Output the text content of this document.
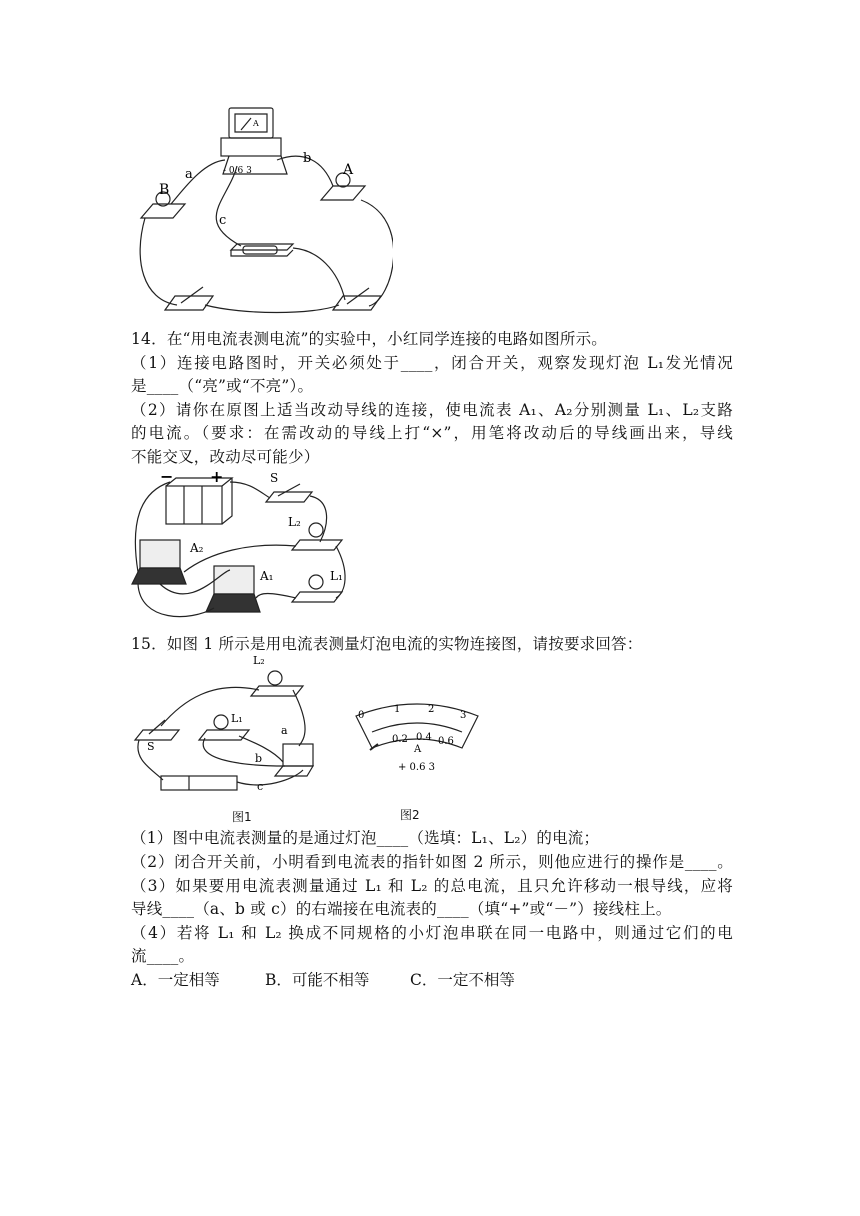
A
- 0.6 3
a
b
c
B
A
14．在“用电流表测电流”的实验中，小红同学连接的电路如图所示。
（1）连接电路图时，开关必须处于____，闭合开关，观察发现灯泡 L₁发光情况
是____（“亮”或“不亮”）。
（2）请你在原图上适当改动导线的连接，使电流表 A₁、A₂分别测量 L₁、L₂支路
的电流。（要求：在需改动的导线上打“×”，用笔将改动后的导线画出来，导线
不能交叉，改动尽可能少）
− +	S
L₂
L₁
A₂
A₁
15．如图 1 所示是用电流表测量灯泡电流的实物连接图，请按要求回答：
L₂
L₁
S
a
b
c
图1
0
1	2
3
0.2 0.4 0.6
A
+ 0.6 3
图2
（1）图中电流表测量的是通过灯泡____（选填：L₁、L₂）的电流；
（2）闭合开关前，小明看到电流表的指针如图 2 所示，则他应进行的操作是____。
（3）如果要用电流表测量通过 L₁ 和 L₂ 的总电流，且只允许移动一根导线，应将
导线____（a、b 或 c）的右端接在电流表的____（填“+”或“－”）接线柱上。
（4）若将 L₁ 和 L₂ 换成不同规格的小灯泡串联在同一电路中，则通过它们的电
流____。
A．一定相等	B．可能不相等	C．一定不相等
